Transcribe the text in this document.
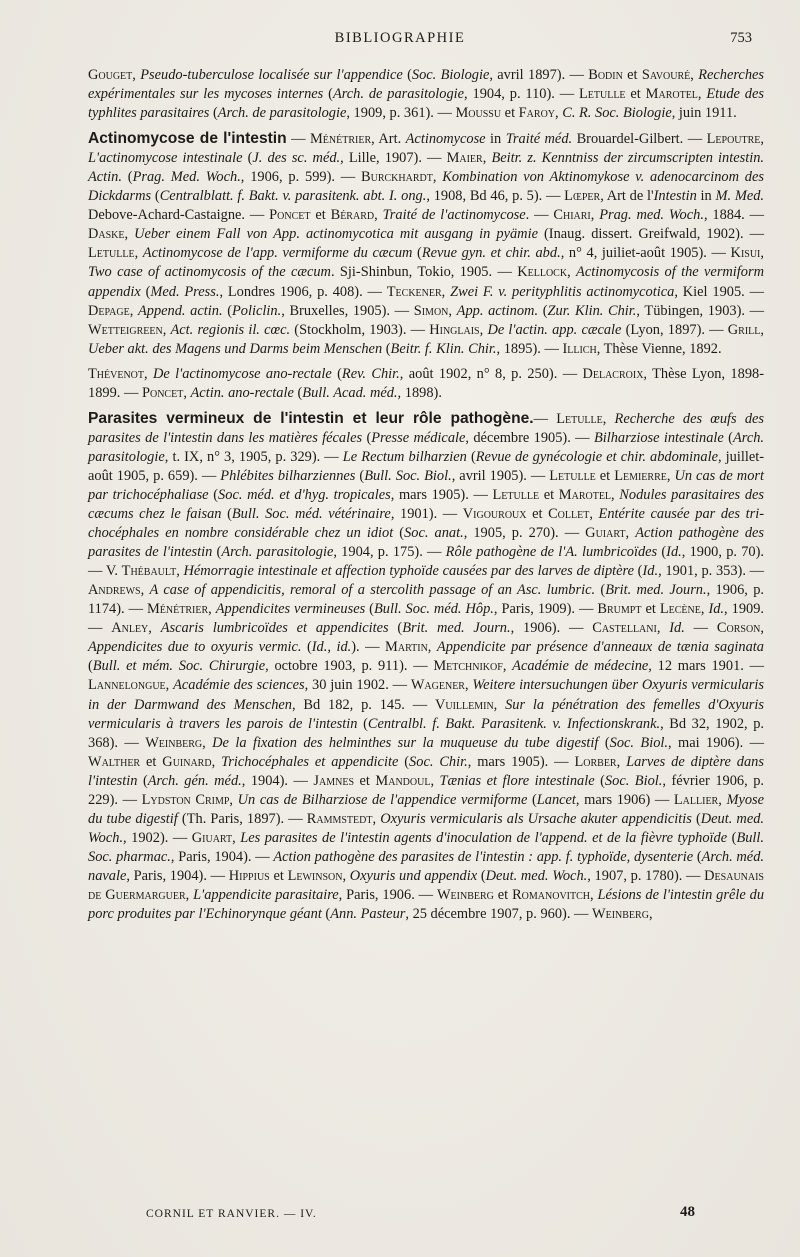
BIBLIOGRAPHIE	753

Gouget, Pseudo-tuberculose localisée sur l'appendice (Soc. Biologie, avril 1897). — Bodin et Savouré, Recherches expérimentales sur les mycoses internes (Arch. de parasitologie, 1904, p. 110). — Letulle et Marotel, Etude des typhlites parasitaires (Arch. de parasitologie, 1909, p. 361). — Moussu et Faroy, C. R. Soc. Biologie, juin 1911.

Actinomycose de l'intestin — Ménétrier, Art. Actinomycose in Traité méd. Brouardel-Gilbert. — Lepoutre, L'actinomycose intestinale (J. des sc. méd., Lille, 1907). — Maier, Beitr. z. Kenntniss der zircumscripten intestin. Actin. (Prag. Med. Woch., 1906, p. 599). — Burckhardt, Kombination von Aktinomykose v. adenocarcinom des Dickdarms (Centralblatt. f. Bakt. v. parasitenk. abt. I. ong., 1908, Bd 46, p. 5). — Lœper, Art de l'Intestin in M. Med. Debove-Achard-Castaigne. — Poncet et Bérard, Traité de l'actinomycose. — Chiari, Prag. med. Woch., 1884. — Daske, Ueber einem Fall von App. actinomycotica mit ausgang in pyämie (Inaug. dissert. Greifwald, 1902). — Letulle, Actinomycose de l'app. vermiforme du cæcum (Revue gyn. et chir. abd., n° 4, juiliet-août 1905). — Kisui, Two case of actinomycosis of the cæcum. Sji-Shinbun, Tokio, 1905. — Kellock, Actinomycosis of the vermiform appendix (Med. Press., Londres 1906, p. 408). — Teckener, Zwei F. v. perityphlitis actinomycotica, Kiel 1905. — Depage, Append. actin. (Policlin., Bruxelles, 1905). — Simon, App. actinom. (Zur. Klin. Chir., Tübingen, 1903). — Wetteigreen, Act. regionis il. cœc. (Stockholm, 1903). — Hinglais, De l'actin. app. cæcale (Lyon, 1897). — Grill, Ueber akt. des Magens und Darms beim Menschen (Beitr. f. Klin. Chir., 1895). — Illich, Thèse Vienne, 1892.

Thévenot, De l'actinomycose ano-rectale (Rev. Chir., août 1902, n° 8, p. 250). — Delacroix, Thèse Lyon, 1898-1899. — Poncet, Actin. ano-rectale (Bull. Acad. méd., 1898).

Parasites vermineux de l'intestin et leur rôle pathogène.— Letulle, Recherche des œufs des parasites de l'intestin dans les matières fécales (Presse médicale, décembre 1905). — Bilharziose intestinale (Arch. parasitologie, t. IX, n° 3, 1905, p. 329). — Le Rectum bilharzien (Revue de gynécologie et chir. abdominale, juillet-août 1905, p. 659). — Phlébites bilharziennes (Bull. Soc. Biol., avril 1905). — Letulle et Lemierre, Un cas de mort par trichocéphaliase (Soc. méd. et d'hyg. tropicales, mars 1905). — Letulle et Marotel, Nodules parasitaires des cæcums chez le faisan (Bull. Soc. méd. vétérinaire, 1901). — Vigouroux et Collet, Entérite causée par des trichocéphales en nombre considérable chez un idiot (Soc. anat., 1905, p. 270). — Guiart, Action pathogène des parasites de l'intestin (Arch. parasitologie, 1904, p. 175). — Rôle pathogène de l'A. lumbricoïdes (Id., 1900, p. 70). — V. Thébault, Hémorragie intestinale et affection typhoïde causées par des larves de diptère (Id., 1901, p. 353). — Andrews, A case of appendicitis, remoral of a stercolith passage of an Asc. lumbric. (Brit. med. Journ., 1906, p. 1174). — Ménétrier, Appendicites vermineuses (Bull. Soc. méd. Hôp., Paris, 1909). — Brumpt et Lecène, Id., 1909. — Anley, Ascaris lumbricoïdes et appendicites (Brit. med. Journ., 1906). — Castellani, Id. — Corson, Appendicites due to oxyuris vermic. (Id., id.). — Martin, Appendicite par présence d'anneaux de tænia saginata (Bull. et mém. Soc. Chirurgie, octobre 1903, p. 911). — Metchnikof, Académie de médecine, 12 mars 1901. — Lannelongue, Académie des sciences, 30 juin 1902. — Wagener, Weitere intersuchungen über Oxyuris vermicularis in der Darmwand des Menschen, Bd 182, p. 145. — Vuillemin, Sur la pénétration des femelles d'Oxyuris vermicularis à travers les parois de l'intestin (Centralbl. f. Bakt. Parasitenk. v. Infectionskrank., Bd 32, 1902, p. 368). — Weinberg, De la fixation des helminthes sur la muqueuse du tube digestif (Soc. Biol., mai 1906). — Walther et Guinard, Trichocéphales et appendicite (Soc. Chir., mars 1905). — Lorber, Larves de diptère dans l'intestin (Arch. gén. méd., 1904). — Jamnes et Mandoul, Tænias et flore intestinale (Soc. Biol., février 1906, p. 229). — Lydston Crimp, Un cas de Bilharziose de l'appendice vermiforme (Lancet, mars 1906) — Lallier, Myose du tube digestif (Th. Paris, 1897). — Rammstedt, Oxyuris vermicularis als Ursache akuter appendicitis (Deut. med. Woch., 1902). — Giuart, Les parasites de l'intestin agents d'inoculation de l'append. et de la fièvre typhoïde (Bull. Soc. pharmac., Paris, 1904). — Action pathogène des parasites de l'intestin : app. f. typhoïde, dysenterie (Arch. méd. navale, Paris, 1904). — Hippius et Lewinson, Oxyuris und appendix (Deut. med. Woch., 1907, p. 1780). — Desaunais de Guermarguer, L'appendicite parasitaire, Paris, 1906. — Weinberg et Romanovitch, Lésions de l'intestin grêle du porc produites par l'Echinorynque géant (Ann. Pasteur, 25 décembre 1907, p. 960). — Weinberg,

CORNIL ET RANVIER. — IV.	48
